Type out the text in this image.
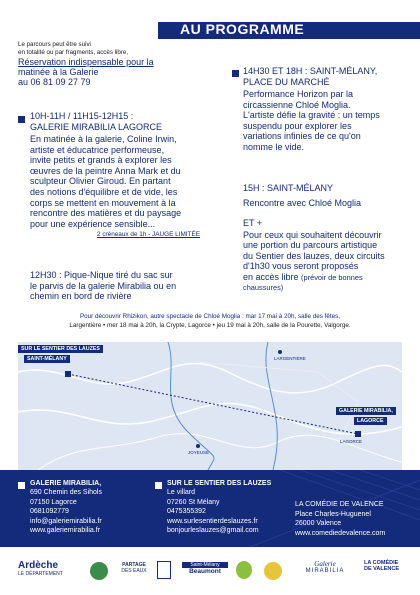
AU PROGRAMME
Le parcours peut être suivi
en totalité ou par fragments, accès libre,
Réservation indispensable pour la
matinée à la Galerie
au 06 81 09 27 79
10H-11H / 11H15-12H15 :
GALERIE MIRABILIA LAGORCE
En matinée à la galerie, Coline Irwin,
artiste et éducatrice performeuse,
invite petits et grands à explorer les
œuvres de la peintre Anna Mark et du
sculpteur Olivier Giroud. En partant
des notions d'équilibre et de vide, les
corps se mettent en mouvement à la
rencontre des matières et du paysage
pour une expérience sensible...
2 créneaux de 1h - JAUGE LIMITÉE
12H30 : Pique-Nique tiré du sac sur
le parvis de la galerie Mirabilia ou en
chemin en bord de rivière
14H30 ET 18H : SAINT-MÉLANY,
PLACE DU MARCHÉ
Performance Horizon par la
circassienne Chloé Moglia.
L'artiste défie la gravité : un temps
suspendu pour explorer les
variations infinies de ce qu'on
nomme le vide.
15H : SAINT-MÉLANY
Rencontre avec Chloé Moglia
ET +
Pour ceux qui souhaitent découvrir
une portion du parcours artistique
du Sentier des lauzes, deux circuits
d'1h30 vous seront proposés
en accès libre (prévoir de bonnes
chaussures)
Pour découvrir Rhizikon, autre spectacle de Chloé Moglia : mar 17 mai à 20h, salle des fêtes,
Largentière • mer 18 mai à 20h, la Crypte, Lagorce • jeu 19 mai à 20h, salle de la Pourette, Valgorge.
SUR LE SENTIER DES LAUZES
SAINT-MÉLANY
GALERIE MIRABILIA,
LAGORCE
LARGENTIÈRE
JOYEUSE
LAGORCE
GALERIE MIRABILIA,
690 Chemin des Sihols
07150 Lagorce
0681092779
info@galeriemirabilia.fr
www.galeriemirabilia.fr
SUR LE SENTIER DES LAUZES
Le villard
07260 St Mélany
0475355392
www.surlesentierdeslauzes.fr
bonjourleslauzes@gmail.com
LA COMÉDIE DE VALENCE
Place Charles-Huguenel
26000 Valence
www.comediedevalence.com
Ardèche
LE DÉPARTEMENT
PARTAGE
DES EAUX
Saint-Mélany
Beaumont
Galerie
MIRABILIA
LA COMÉDIE
DE VALENCE
